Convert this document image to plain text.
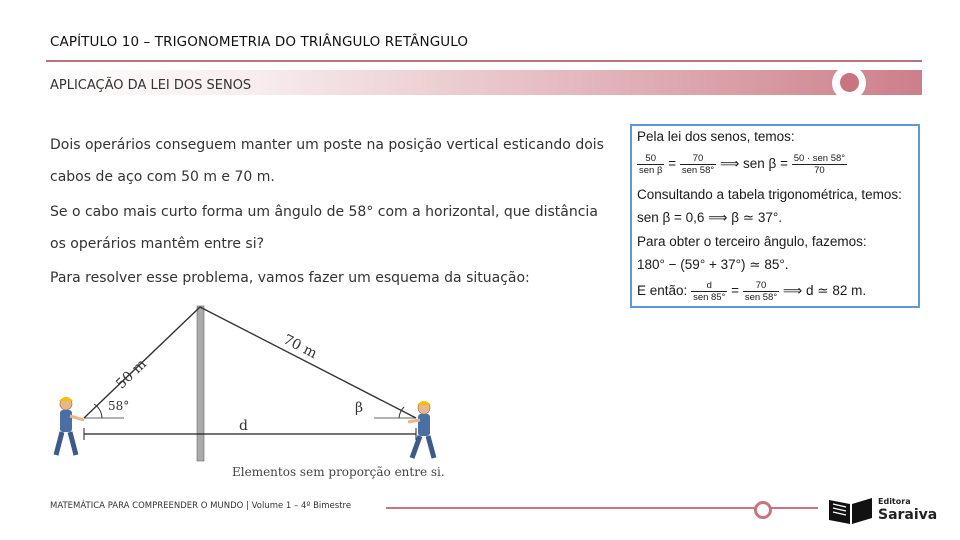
CAPÍTULO 10 – TRIGONOMETRIA DO TRIÂNGULO RETÂNGULO
APLICAÇÃO DA LEI DOS SENOS
Dois operários conseguem manter um poste na posição vertical esticando dois cabos de aço com 50 m e 70 m.
Se o cabo mais curto forma um ângulo de 58° com a horizontal, que distância os operários mantêm entre si?
Para resolver esse problema, vamos fazer um esquema da situação:
Pela lei dos senos, temos:
$\frac{50}{\text{sen β}} = \frac{70}{\text{sen 58°}}$ ⟹ sen $\beta = \frac{\text{50 · sen 58°}}{70}$
Consultando a tabela trigonométrica, temos:
sen β = 0,6 ⟹ β ≃ 37°.
Para obter o terceiro ângulo, fazemos:
180° − (59° + 37°) ≃ 85°.
E então: $\frac{d}{\text{sen 85°}} = \frac{70}{\text{sen 58°}}$ ⟹ d ≃ 82 m.
50 m
70 m
58°	β
d
Elementos sem proporção entre si.
MATEMÁTICA PARA COMPREENDER O MUNDO | Volume 1 – 4º Bimestre	Editora
Saraiva
